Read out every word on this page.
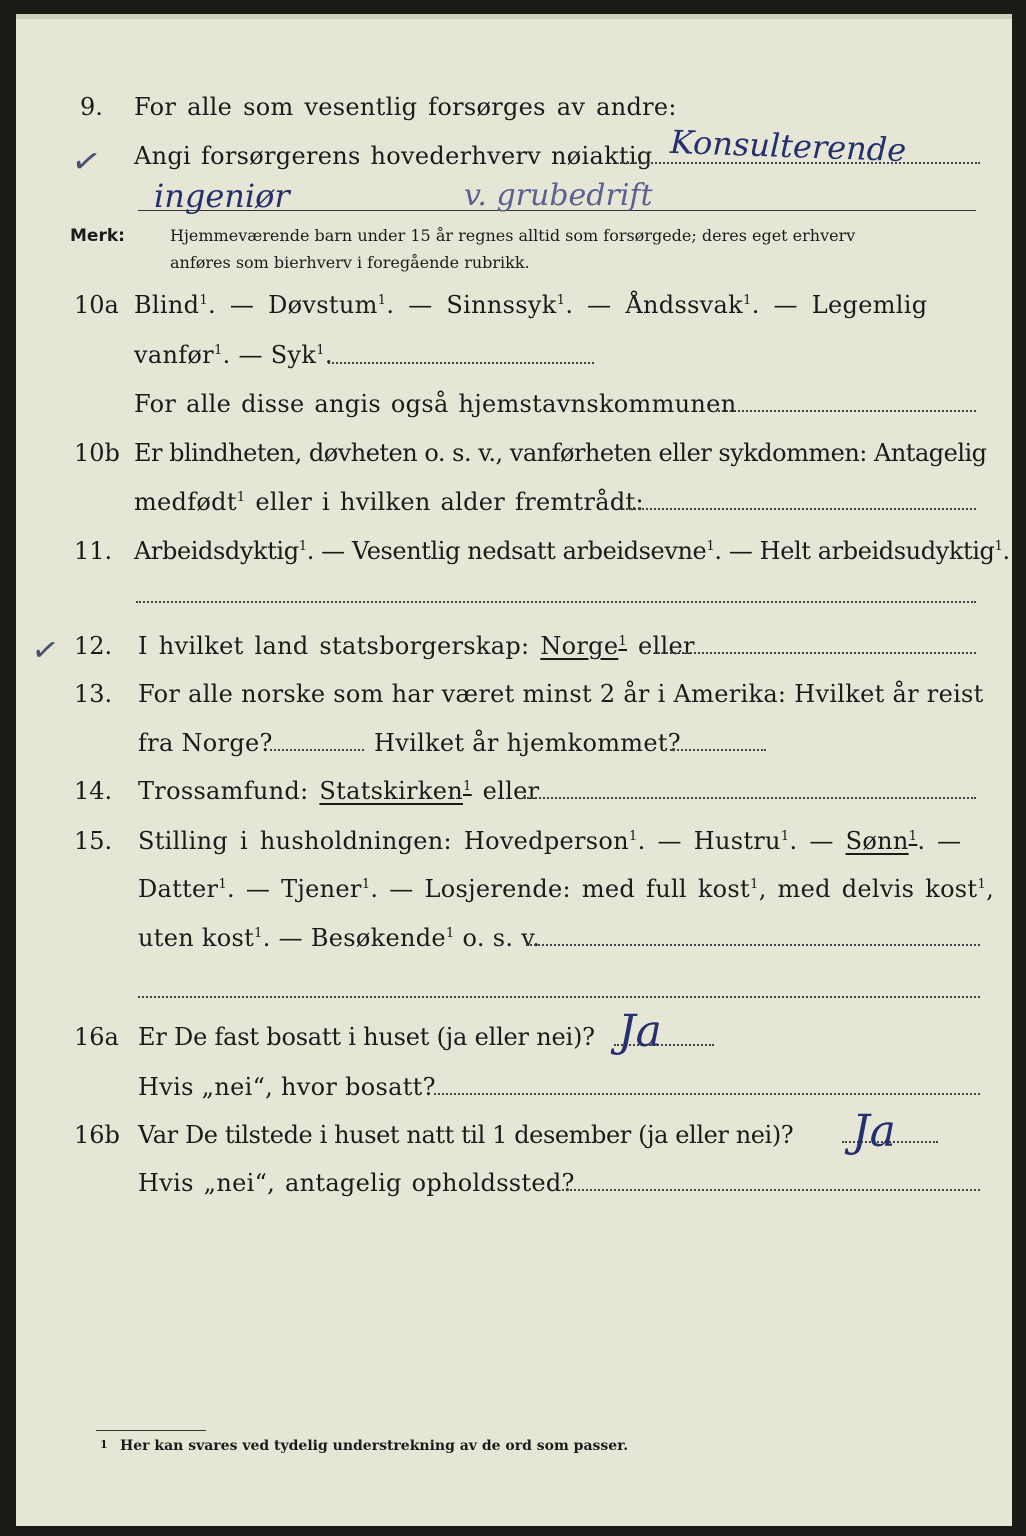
9. For alle som vesentlig forsørges av andre:
✓ Angi forsørgerens hovederhverv nøiaktig Konsulterende
ingeniør	v. grubedrift
Merk:	Hjemmeværende barn under 15 år regnes alltid som forsørgede; deres eget erhverv
anføres som bierhverv i foregående rubrikk.
10a Blind$^1$. — Døvstum$^1$. — Sinnssyk$^1$. — Åndssvak$^1$. — Legemlig
vanfør$^1$. — Syk$^1$.
For alle disse angis også hjemstavnskommunen
10b Er blindheten, døvheten o. s. v., vanførheten eller sykdommen: Antagelig
medfødt$^1$ eller i hvilken alder fremtrådt:
11. Arbeidsdyktig$^1$. — Vesentlig nedsatt arbeidsevne$^1$. — Helt arbeidsudyktig$^1$.
✓ 12. I hvilket land statsborgerskap: Norge$^1$ eller
13. For alle norske som har været minst 2 år i Amerika: Hvilket år reist
fra Norge?	Hvilket år hjemkommet?
14. Trossamfund: Statskirken$^1$ eller
15. Stilling i husholdningen: Hovedperson$^1$. — Hustru$^1$. — Sønn$^1$. —
Datter$^1$. — Tjener$^1$. — Losjerende: med full kost$^1$, med delvis kost$^1$,
uten kost$^1$. — Besøkende$^1$ o. s. v.
16a Er De fast bosatt i huset (ja eller nei)? Ja
Hvis „nei“, hvor bosatt?
16b Var De tilstede i huset natt til 1 desember (ja eller nei)? Ja
Hvis „nei“, antagelig opholdssted?
1 Her kan svares ved tydelig understrekning av de ord som passer.
